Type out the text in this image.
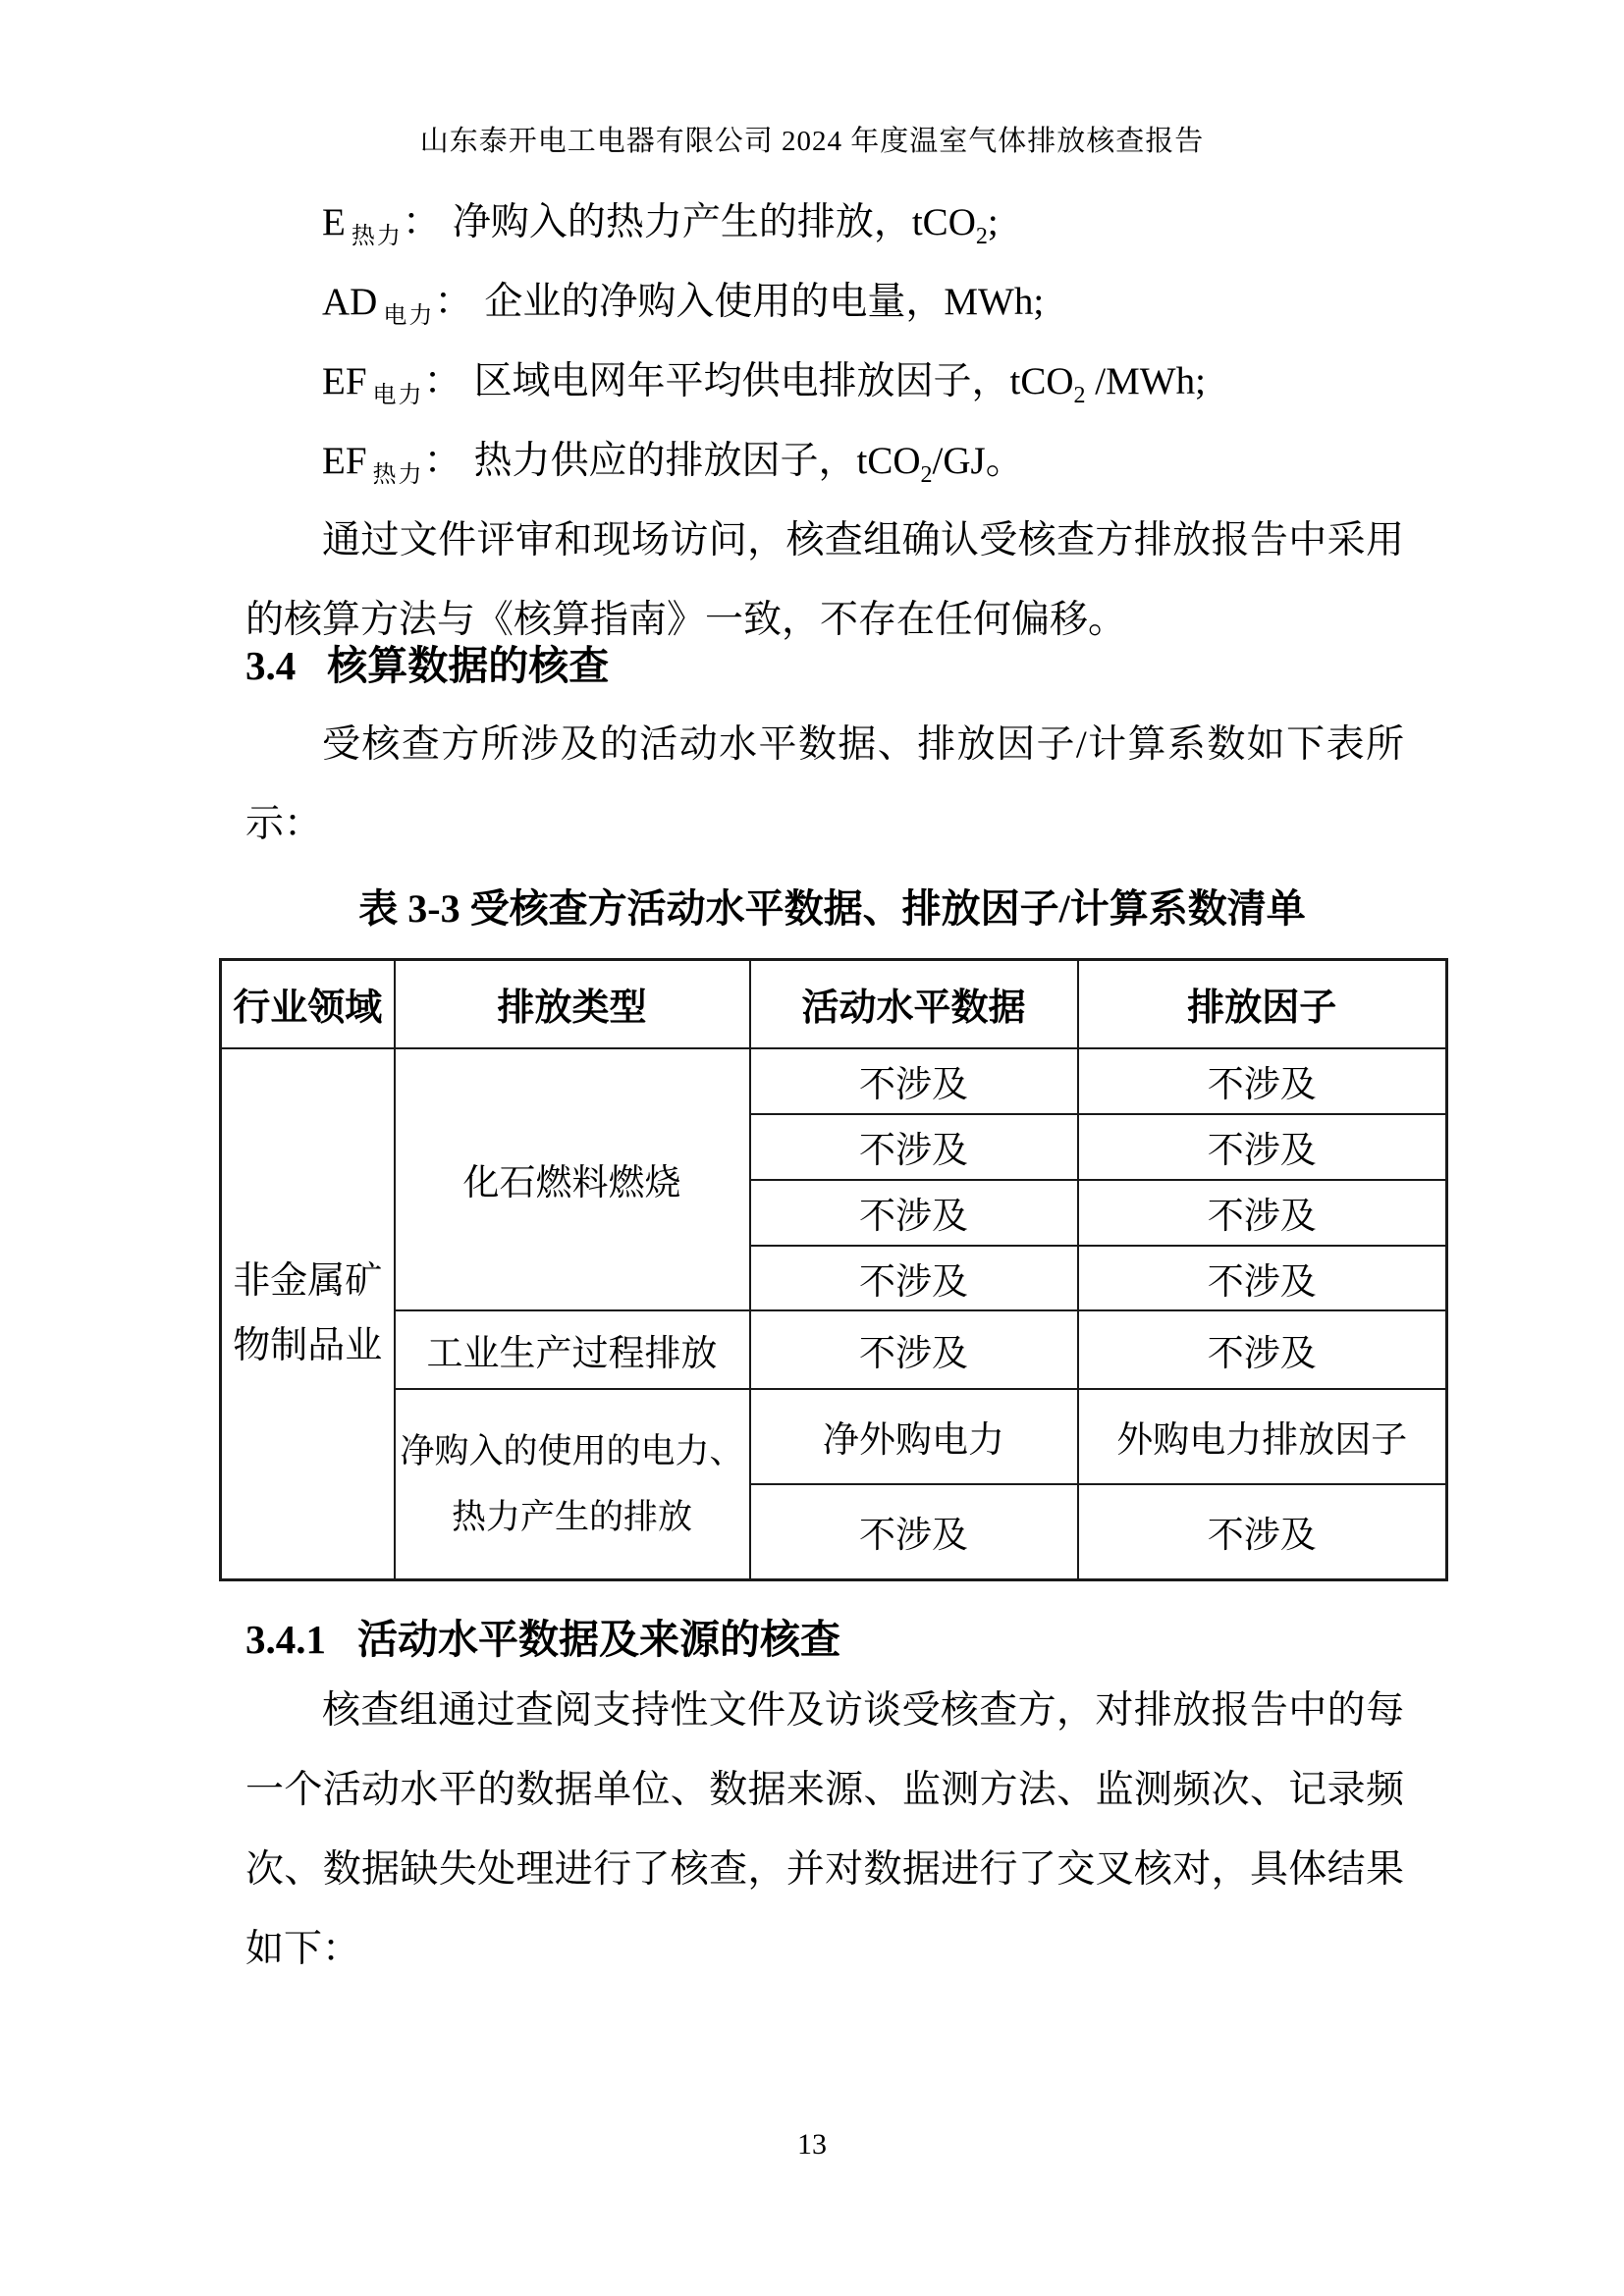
山东泰开电工电器有限公司 2024 年度温室气体排放核查报告
E $_{热力}$： 净购入的热力产生的排放，tCO$_2$;
AD $_{电力}$： 企业的净购入使用的电量，MWh;
EF $_{电力}$： 区域电网年平均供电排放因子，tCO$_2$ /MWh;
EF $_{热力}$： 热力供应的排放因子，tCO$_2$/GJ。
通过文件评审和现场访问，核查组确认受核查方排放报告中采用
的核算方法与《核算指南》一致，不存在任何偏移。
3.4 核算数据的核查
受核查方所涉及的活动水平数据、排放因子/计算系数如下表所
示：
表 3-3 受核查方活动水平数据、排放因子/计算系数清单
行业领域	排放类型	活动水平数据	排放因子

非金属矿
物制品业	化石燃料燃烧	不涉及	不涉及
		不涉及	不涉及
		不涉及	不涉及
		不涉及	不涉及
	工业生产过程排放	不涉及	不涉及

	净购入的使用的电力、
热力产生的排放	净外购电力	外购电力排放因子
		不涉及	不涉及
3.4.1 活动水平数据及来源的核查
核查组通过查阅支持性文件及访谈受核查方，对排放报告中的每
一个活动水平的数据单位、数据来源、监测方法、监测频次、记录频
次、数据缺失处理进行了核查，并对数据进行了交叉核对，具体结果
如下：
13
